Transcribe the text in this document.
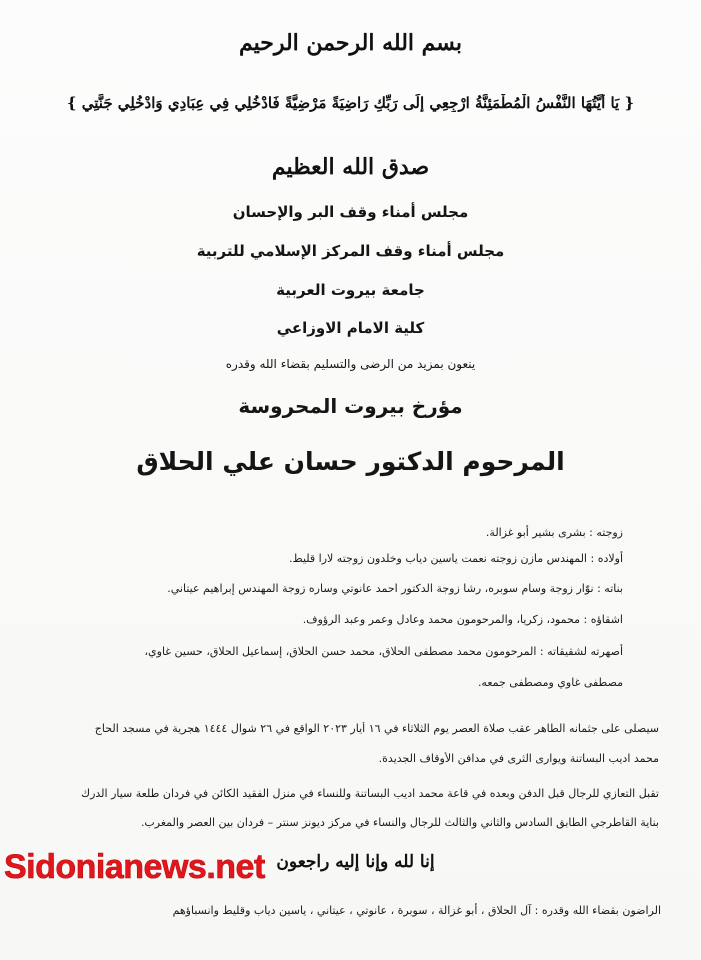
بسم الله الرحمن الرحيم
{ يَا أَيَّتُهَا النَّفْسُ الْمُطْمَئِنَّةُ ارْجِعِي إِلَى رَبِّكِ رَاضِيَةً مَرْضِيَّةً فَادْخُلِي فِي عِبَادِي وَادْخُلِي جَنَّتِي }
صدق الله العظيم
مجلس أمناء وقف البر والإحسان
مجلس أمناء وقف المركز الإسلامي للتربية
جامعة بيروت العربية
كلية الامام الاوزاعي
ينعون بمزيد من الرضى والتسليم بقضاء الله وقدره
مؤرخ بيروت المحروسة
المرحوم الدكتور حسان علي الحلاق
زوجته : بشرى بشير أبو غزالة.
أولاده : المهندس مازن زوجته نعمت ياسين دياب وخلدون زوجته لارا قليط.
بناته : نوّار زوجة وسام سوبره، رشا زوجة الدكتور احمد عانوتي وساره زوجة المهندس إبراهيم عيتاني.
اشقاؤه : محمود، زكريا، والمرحومون محمد وعادل وعمر وعبد الرؤوف.
أصهرته لشقيقاته : المرحومون محمد مصطفى الحلاق، محمد حسن الحلاق، إسماعيل الحلاق، حسين غاوي،
مصطفى غاوي ومصطفى جمعه.
سيصلى على جثمانه الطاهر عقب صلاة العصر يوم الثلاثاء في ١٦ أيار ٢٠٢٣ الواقع في ٢٦ شوال ١٤٤٤ هجرية في مسجد الحاج
محمد اديب البساتنة ويوارى الثرى في مدافن الأوقاف الجديدة.
تقبل التعازي للرجال قبل الدفن وبعده في قاعة محمد اديب البساتنة وللنساء في منزل الفقيد الكائن في فردان طلعة سيار الدرك
بناية القاطرجي الطابق السادس والثاني والثالث للرجال والنساء في مركز ديونز سنتر – فردان بين العصر والمغرب.
إنا لله وإنا إليه راجعون
Sidonianews.net
الراضون بقضاء الله وقدره : آل الحلاق ، أبو غزالة ، سوبرة ، عانوتي ، عيتاني ، ياسين دياب وقليط وانسباؤهم
